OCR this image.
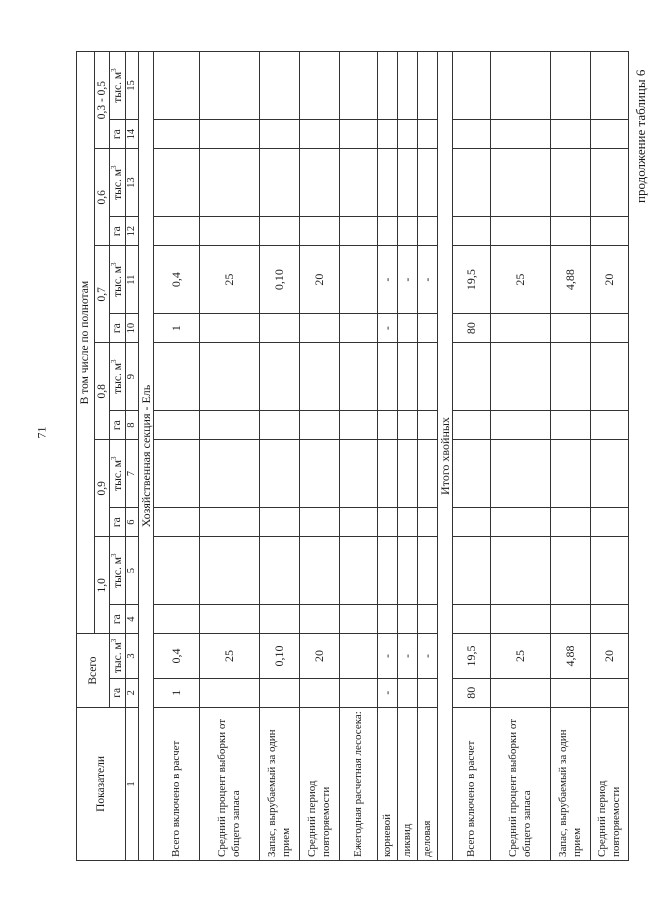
71
продолжение таблицы 6
Показатели	Всего		В том числе по полнотам											
			1,0		0,9		0,8		0,7		0,6		0,3 - 0,5	
	га	тыс. $м^3$	га	тыс. $м^3$	га	тыс. $м^3$	га	тыс. $м^3$	га	тыс. $м^3$	га	тыс. $м^3$	га	тыс. $м^3$
1	2	3	4	5	6	7	8	9	10	11	12	13	14	15
Хозяйственная секция - Ель														
Всего включено в расчет	1	0,4							1	0,4				
Средний процент выборки от общего запаса		25								25				
Запас, вырубаемый за один прием		0,10								0,10				
Средний период повторяемости		20								20				
Ежегодная расчетная лесосека:														
корневой	-	-							-	-				
ликвид		-								-				
деловая		-								-				
Итого хвойных														
Всего включено в расчет	80	19,5							80	19,5				
Средний процент выборки от общего запаса		25								25				
Запас, вырубаемый за один прием		4,88								4,88				
Средний период повторяемости		20								20				
